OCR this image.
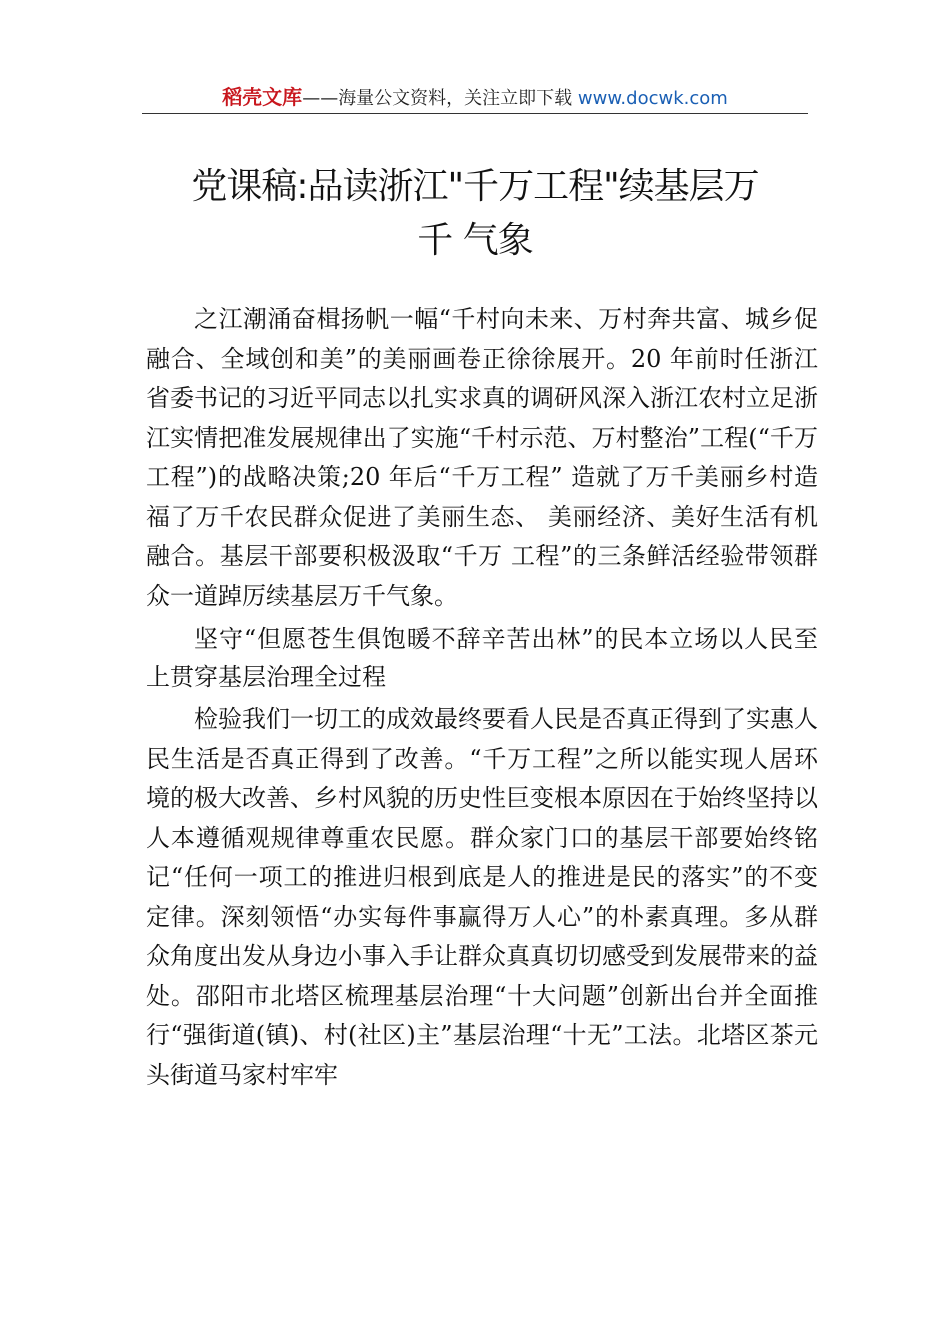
稻壳文库——海量公文资料，关注立即下载 www.docwk.com
党课稿:品读浙江"千万工程"续基层万
千 气象

之江潮涌奋楫扬帆一幅“千村向未来、万村奔共富、城乡促融合、全域创和美”的美丽画卷正徐徐展开。20 年前时任浙江省委书记的习近平同志以扎实求真的调研风深入浙江农村立足浙江实情把准发展规律出了实施“千村示范、万村整治”工程(“千万工程”)的战略决策;20 年后“千万工程” 造就了万千美丽乡村造福了万千农民群众促进了美丽生态、 美丽经济、美好生活有机融合。基层干部要积极汲取“千万 工程”的三条鲜活经验带领群众一道踔厉续基层万千气象。

坚守“但愿苍生俱饱暖不辞辛苦出林”的民本立场以人民至上贯穿基层治理全过程

检验我们一切工的成效最终要看人民是否真正得到了实惠人民生活是否真正得到了改善。“千万工程”之所以能实现人居环境的极大改善、乡村风貌的历史性巨变根本原因在于始终坚持以人本遵循观规律尊重农民愿。群众家门口的基层干部要始终铭记“任何一项工的推进归根到底是人的推进是民的落实”的不变定律。深刻领悟“办实每件事赢得万人心”的朴素真理。多从群众角度出发从身边小事入手让群众真真切切感受到发展带来的益处。邵阳市北塔区梳理基层治理“十大问题”创新出台并全面推行“强街道(镇)、村(社区)主”基层治理“十无”工法。北塔区茶元头街道马家村牢牢
